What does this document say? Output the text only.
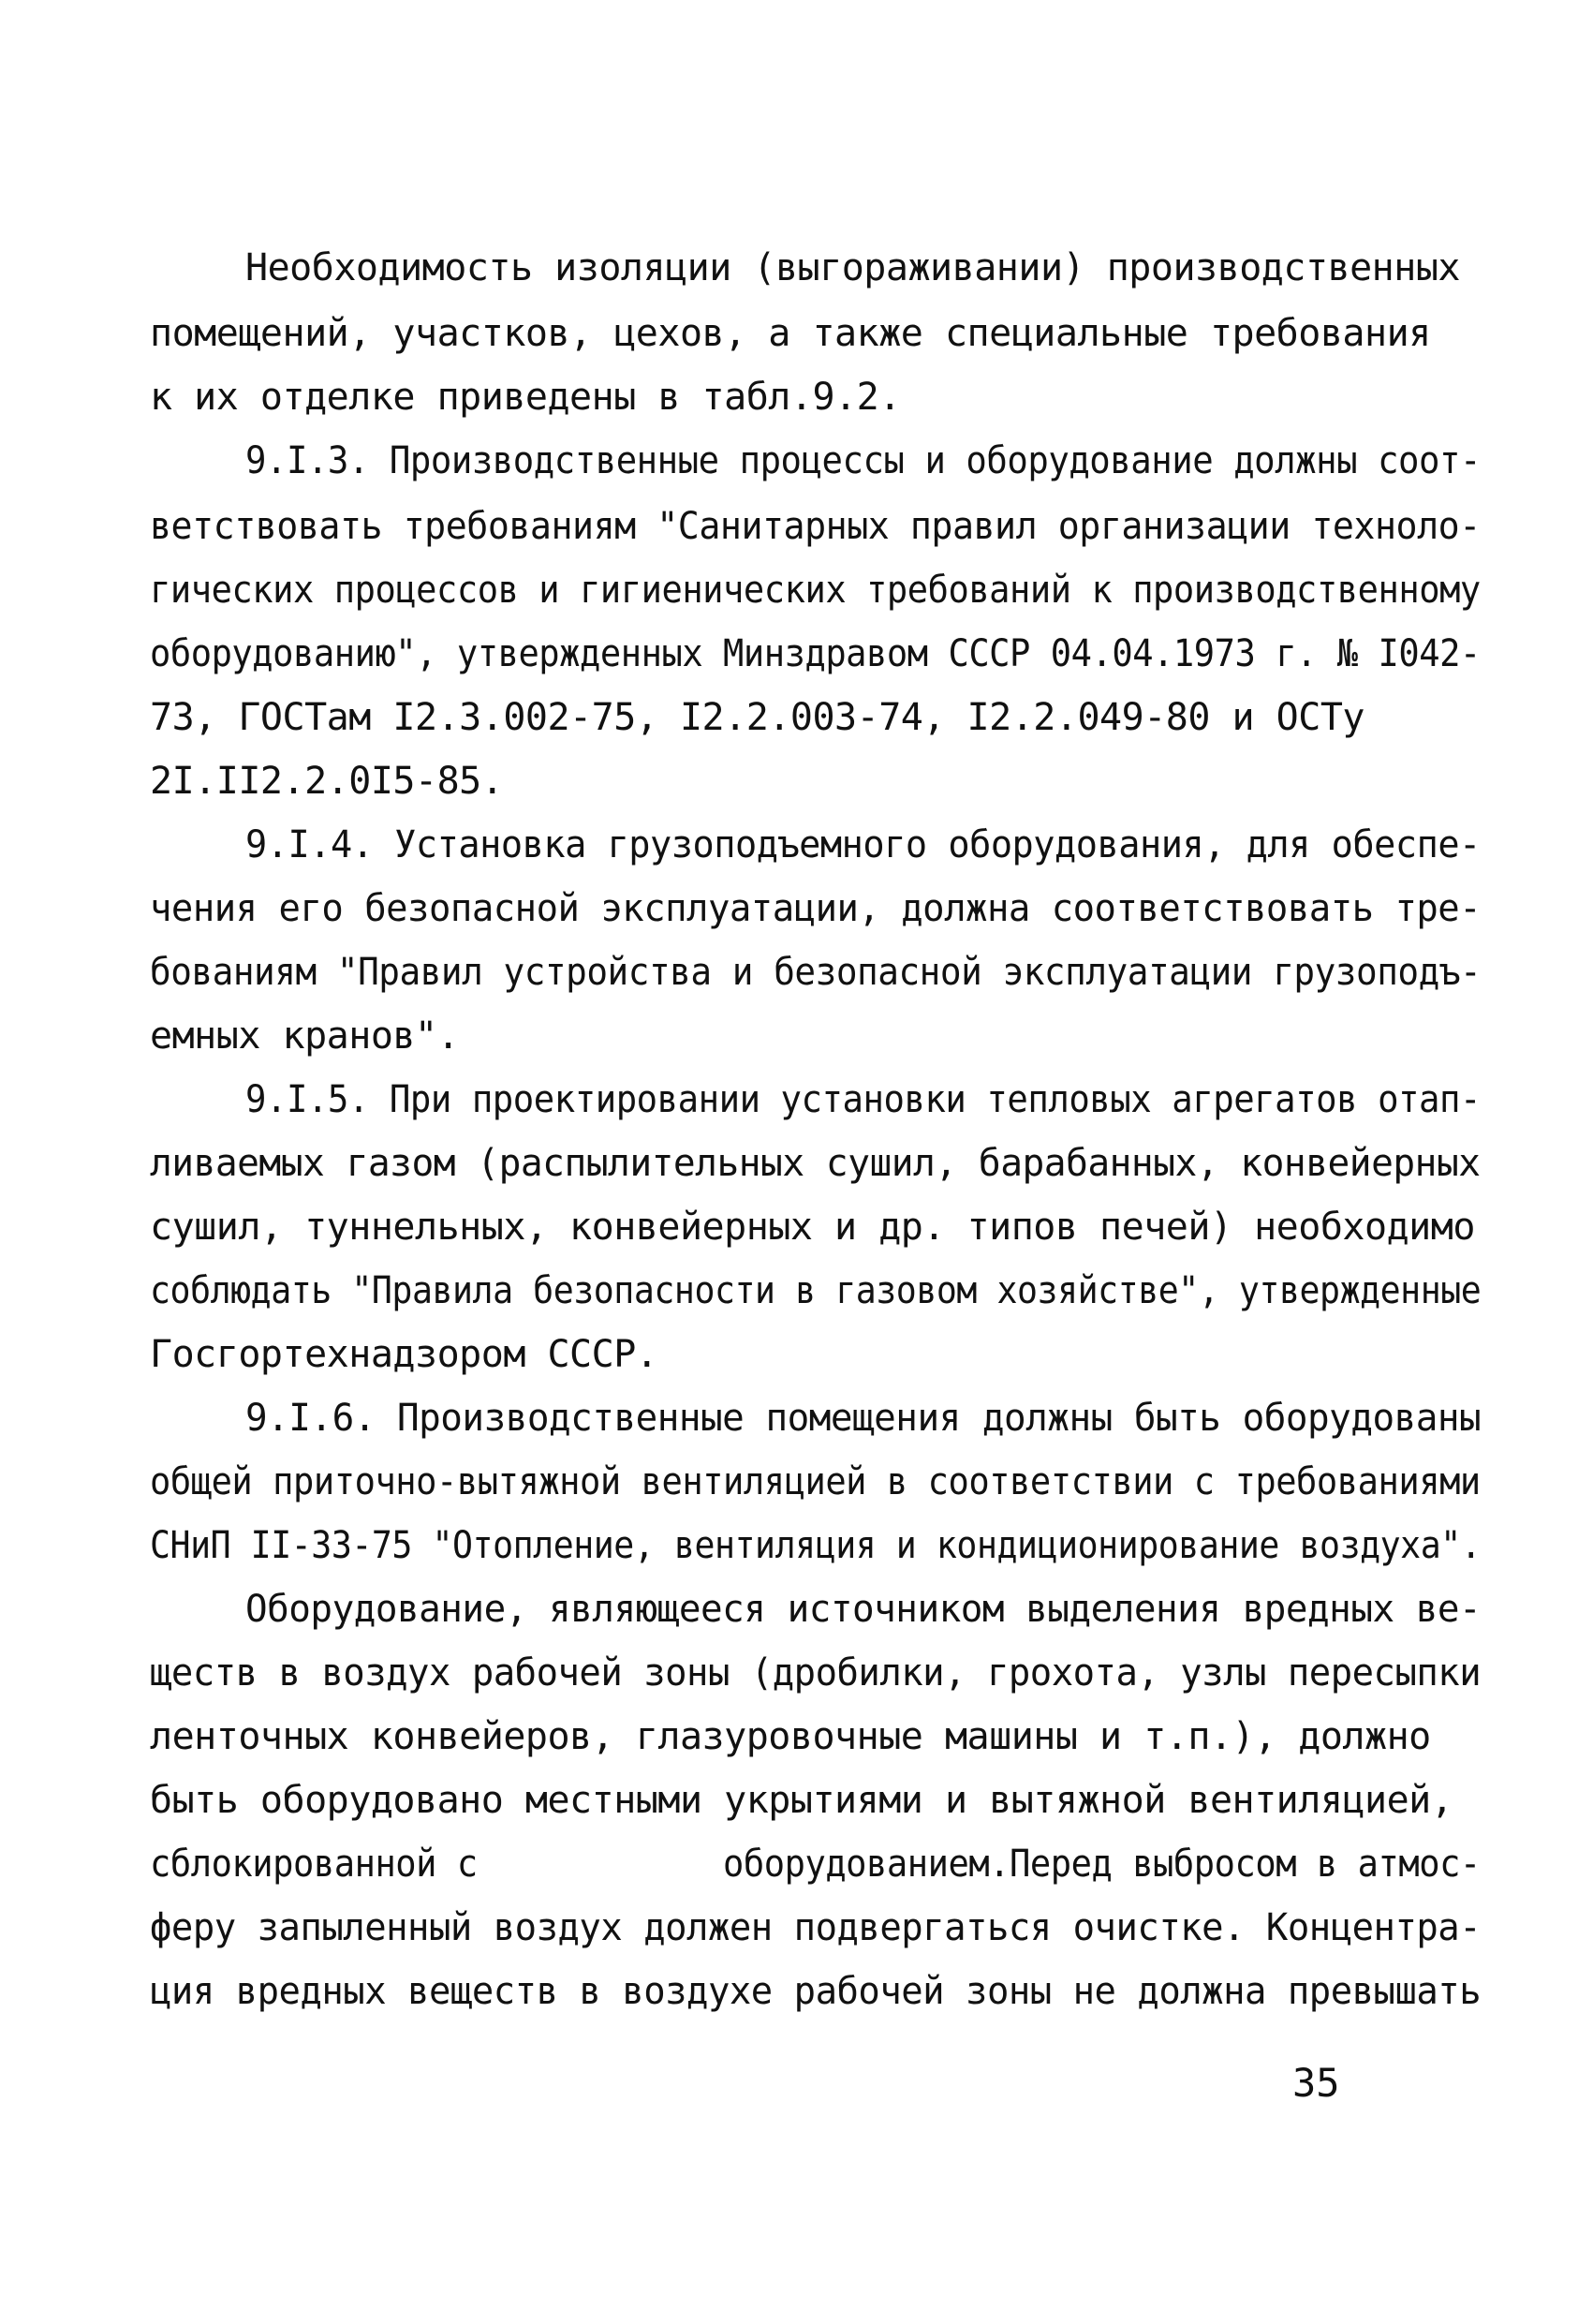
Необходимость изоляции (выгораживании) производственных
помещений, участков, цехов, а также специальные требования
к их отделке приведены в табл.9.2.
9.I.3. Производственные процессы и оборудование должны соот-
ветствовать требованиям "Санитарных правил организации техноло-
гических процессов и гигиенических требований к производственному
оборудованию", утвержденных Минздравом СССР 04.04.1973 г. № I042-
73, ГОСТам I2.3.002-75, I2.2.003-74, I2.2.049-80 и ОСТу
2I.II2.2.0I5-85.
9.I.4. Установка грузоподъемного оборудования, для обеспе-
чения его безопасной эксплуатации, должна соответствовать тре-
бованиям "Правил устройства и безопасной эксплуатации грузоподъ-
емных кранов".
9.I.5. При проектировании установки тепловых агрегатов отап-
ливаемых газом (распылительных сушил, барабанных, конвейерных
сушил, туннельных, конвейерных и др. типов печей) необходимо
соблюдать "Правила безопасности в газовом хозяйстве", утвержденные
Госгортехнадзором СССР.
9.I.6. Производственные помещения должны быть оборудованы
общей приточно-вытяжной вентиляцией в соответствии с требованиями
СНиП II-33-75 "Отопление, вентиляция и кондиционирование воздуха".
Оборудование, являющееся источником выделения вредных ве-
ществ в воздух рабочей зоны (дробилки, грохота, узлы пересыпки
ленточных конвейеров, глазуровочные машины и т.п.), должно
быть оборудовано местными укрытиями и вытяжной вентиляцией,
сблокированной с            оборудованием.Перед выбросом в атмос-
феру запыленный воздух должен подвергаться очистке. Концентра-
ция вредных веществ в воздухе рабочей зоны не должна превышать
35
